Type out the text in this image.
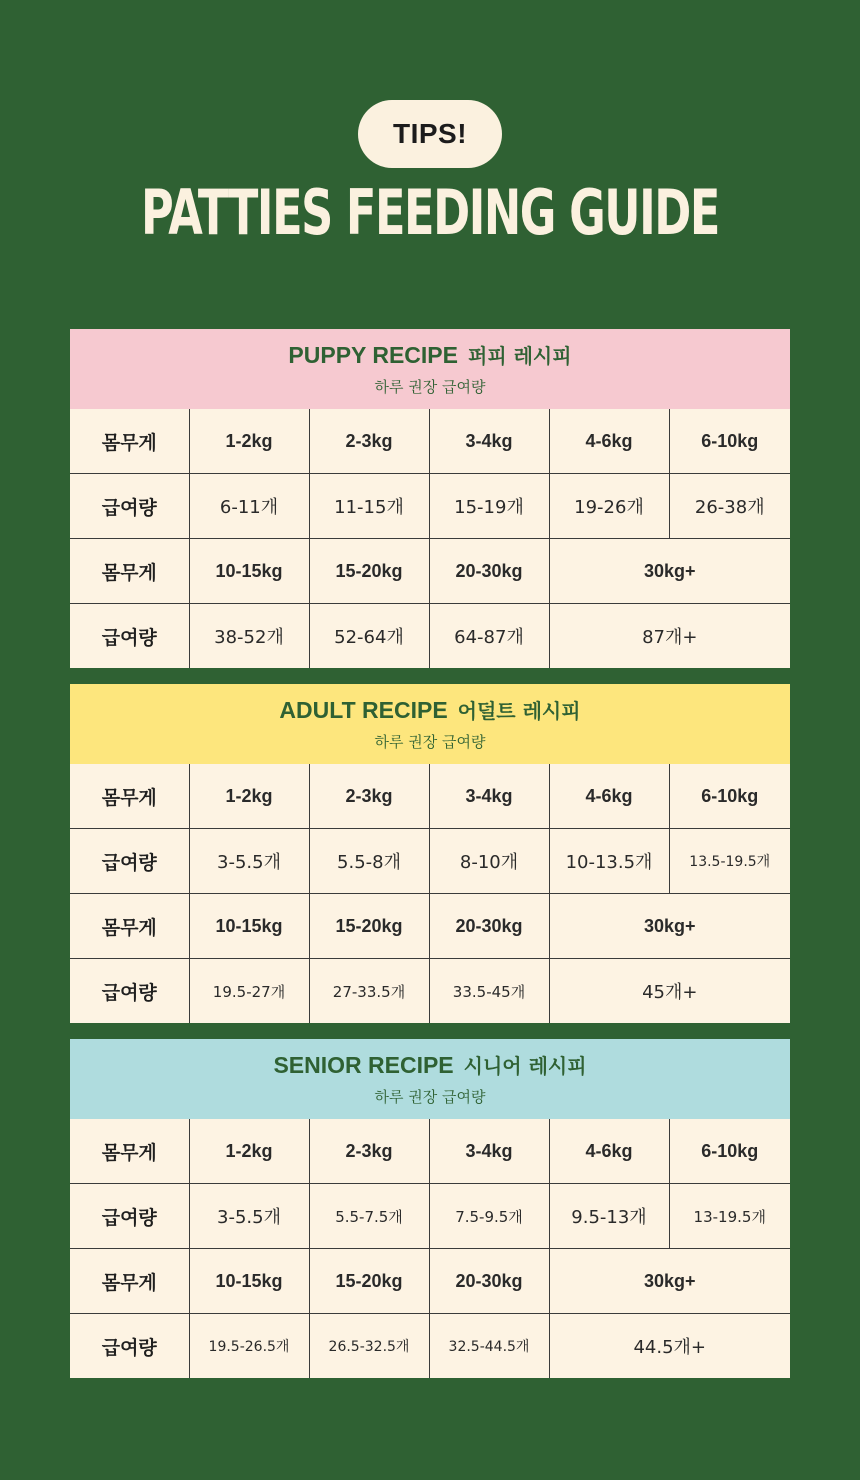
TIPS!
PATTIES FEEDING GUIDE
PUPPY RECIPE 퍼피 레시피
하루 권장 급여량
몸무게	1-2kg	2-3kg	3-4kg	4-6kg	6-10kg
급여량	6-11개	11-15개	15-19개	19-26개	26-38개
몸무게	10-15kg	15-20kg	20-30kg	30kg+	
급여량	38-52개	52-64개	64-87개	87개+	
ADULT RECIPE 어덜트 레시피
하루 권장 급여량
몸무게	1-2kg	2-3kg	3-4kg	4-6kg	6-10kg
급여량	3-5.5개	5.5-8개	8-10개	10-13.5개	13.5-19.5개
몸무게	10-15kg	15-20kg	20-30kg	30kg+	
급여량	19.5-27개	27-33.5개	33.5-45개	45개+	
SENIOR RECIPE 시니어 레시피
하루 권장 급여량
몸무게	1-2kg	2-3kg	3-4kg	4-6kg	6-10kg
급여량	3-5.5개	5.5-7.5개	7.5-9.5개	9.5-13개	13-19.5개
몸무게	10-15kg	15-20kg	20-30kg	30kg+	
급여량	19.5-26.5개	26.5-32.5개	32.5-44.5개	44.5개+	
